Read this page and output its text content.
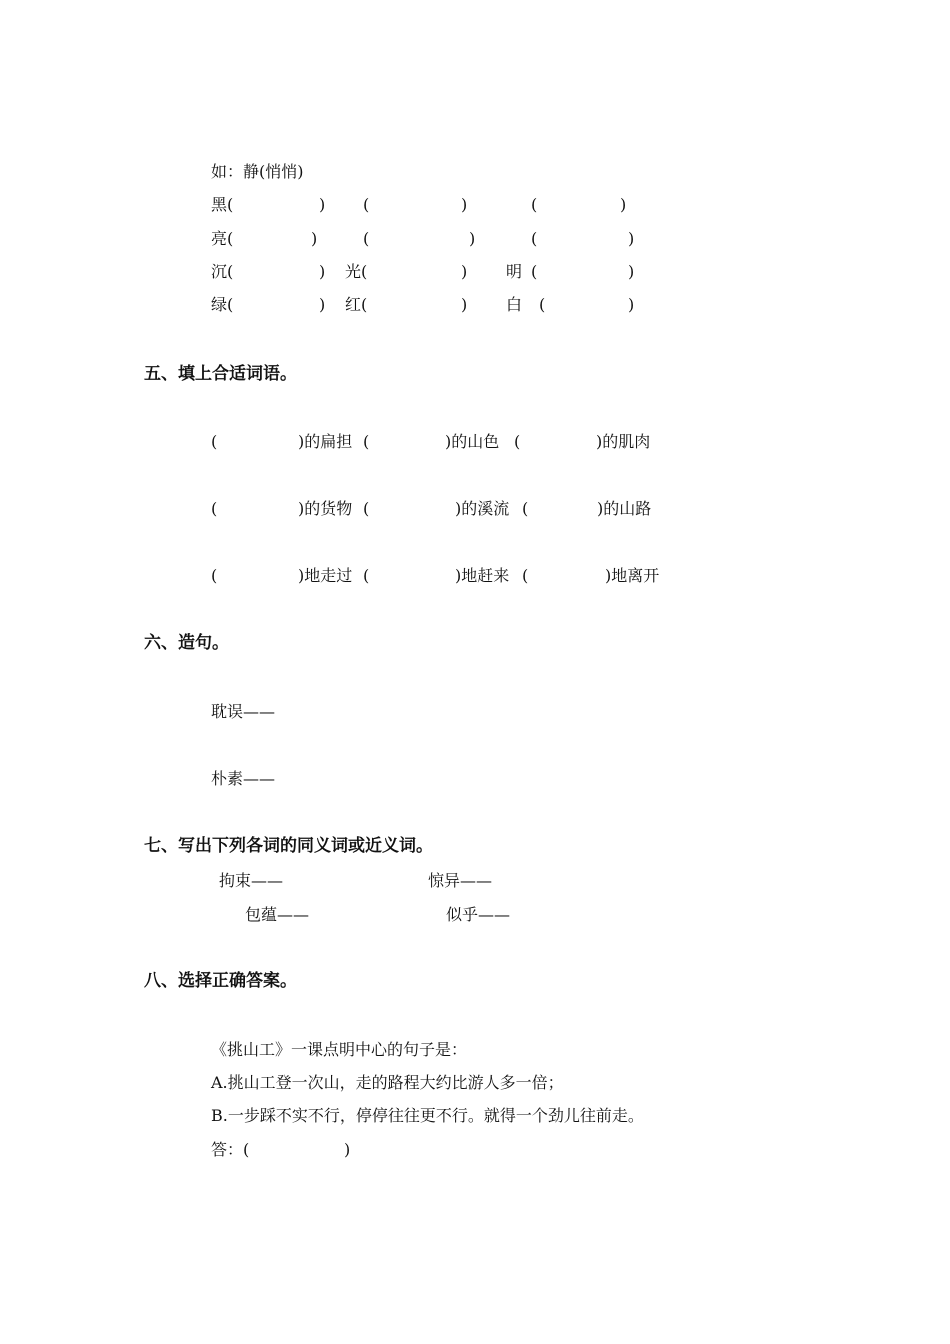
如：静(悄悄)
黑(	) (	)	(	)
亮(	)	(	)	(	)
沉(	) 光(	) 明 (	)
绿(	) 红(	) 白 (	)
五、填上合适词语。
(	)的扁担 (	)的山色 (	)的肌肉
(	)的货物 (	)的溪流 (	)的山路
(	)地走过 (	)地赶来 (	)地离开
六、造句。
耽误——
朴素——
七、写出下列各词的同义词或近义词。
拘束——	惊异——
包蕴——	似乎——
八、选择正确答案。
《挑山工》一课点明中心的句子是：
A.挑山工登一次山，走的路程大约比游人多一倍；
B.一步踩不实不行，停停往往更不行。就得一个劲儿往前走。
答：(	)
